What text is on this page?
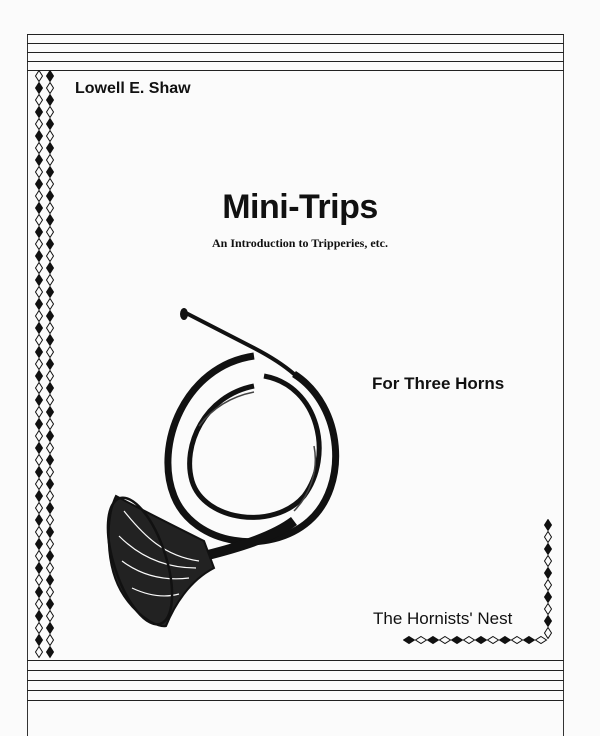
Lowell E. Shaw
Mini-Trips
An Introduction to Tripperies, etc.
For Three Horns
The Hornists' Nest
